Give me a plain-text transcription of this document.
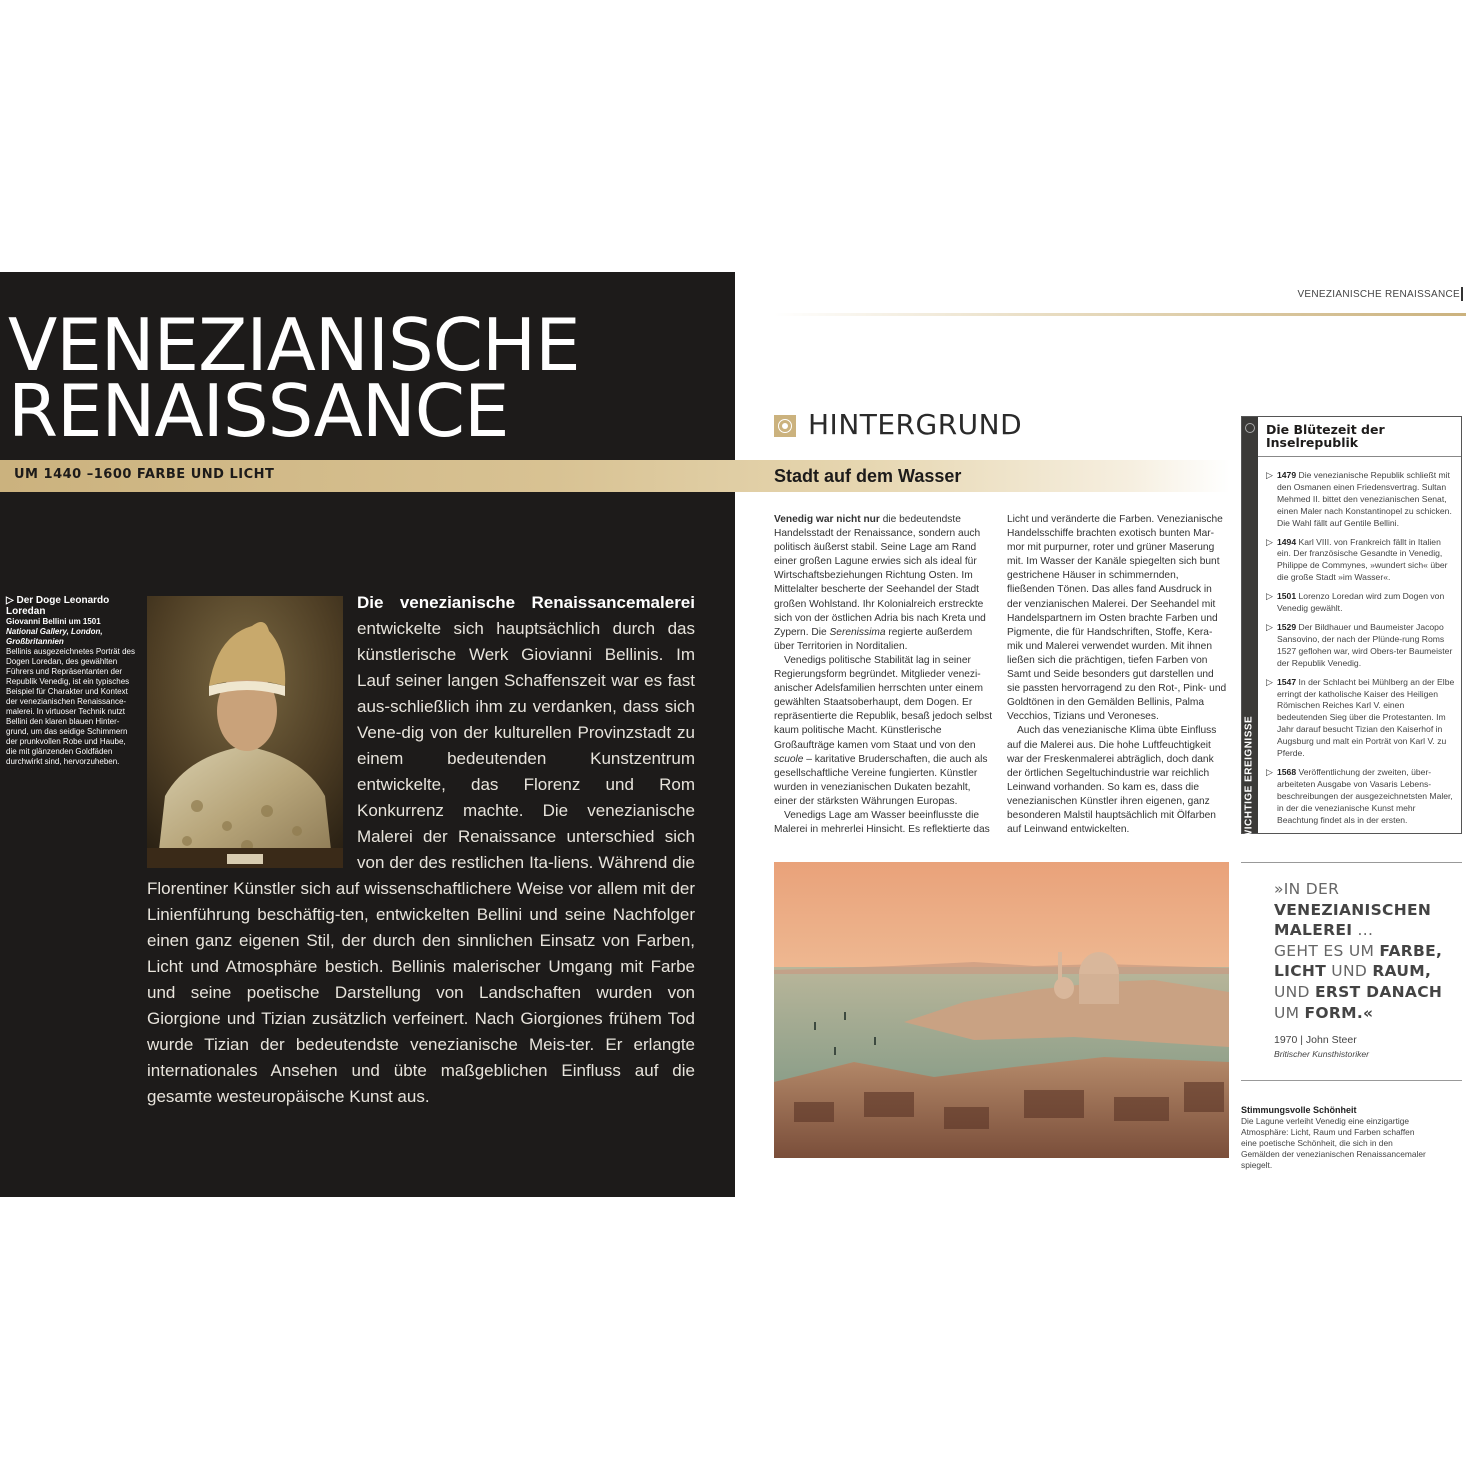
VENEZIANISCHE
RENAISSANCE
UM 1440 –1600 FARBE UND LICHT	Stadt auf dem Wasser
▷ Der Doge Leonardo Loredan
Giovanni Bellini um 1501
National Gallery, London, Großbritannien
Bellinis ausgezeichnetes Porträt des Dogen Loredan, des gewählten Führers und Repräsentanten der Republik Venedig, ist ein typisches Beispiel für Charakter und Kontext der venezianischen Renaissance-malerei. In virtuoser Technik nutzt Bellini den klaren blauen Hinter-grund, um das seidige Schimmern der prunkvollen Robe und Haube, die mit glänzenden Goldfäden durchwirkt sind, hervorzuheben.
Die venezianische Renaissancemalerei entwickelte sich hauptsächlich durch das künstlerische Werk Giovianni Bellinis. Im Lauf seiner langen Schaffenszeit war es fast aus-schließlich ihm zu verdanken, dass sich Vene-dig von der kulturellen Provinzstadt zu einem bedeutenden Kunstzentrum entwickelte, das Florenz und Rom Konkurrenz machte. Die venezianische Malerei der Renaissance unterschied sich von der des restlichen Ita-liens. Während die Florentiner Künstler sich auf wissenschaftlichere Weise vor allem mit der Linienführung beschäftig-ten, entwickelten Bellini und seine Nachfolger einen ganz eigenen Stil, der durch den sinnlichen Einsatz von Farben, Licht und Atmosphäre bestich. Bellinis malerischer Umgang mit Farbe und seine poetische Darstellung von Landschaften wurden von Giorgione und Tizian zusätzlich verfeinert. Nach Giorgiones frühem Tod wurde Tizian der bedeutendste venezianische Meis-ter. Er erlangte internationales Ansehen und übte maßgeblichen Einfluss auf die gesamte westeuropäische Kunst aus.
VENEZIANISCHE RENAISSANCE
HINTERGRUND

Venedig war nicht nur die bedeutendste Handelsstadt der Renaissance, sondern auch politisch äußerst stabil. Seine Lage am Rand einer großen Lagune erwies sich als ideal für Wirtschaftsbeziehungen Richtung Osten. Im Mittelalter bescherte der Seehandel der Stadt großen Wohlstand. Ihr Kolonialreich erstreckte sich von der östlichen Adria bis nach Kreta und Zypern. Die Serenissima regierte außerdem über Territorien in Norditalien.

Venedigs politische Stabilität lag in seiner Regierungsform begründet. Mitglieder venezi-anischer Adelsfamilien herrschten unter einem gewählten Staatsoberhaupt, dem Dogen. Er repräsentierte die Republik, besaß jedoch selbst kaum politische Macht. Künstlerische Großaufträge kamen vom Staat und von den scuole – karitative Bruderschaften, die auch als gesellschaftliche Vereine fungierten. Künstler wurden in venezianischen Dukaten bezahlt, einer der stärksten Währungen Europas.

Venedigs Lage am Wasser beeinflusste die Malerei in mehrerlei Hinsicht. Es reflektierte das

Licht und veränderte die Farben. Venezianische Handelsschiffe brachten exotisch bunten Mar-mor mit purpurner, roter und grüner Maserung mit. Im Wasser der Kanäle spiegelten sich bunt gestrichene Häuser in schimmernden, fließenden Tönen. Das alles fand Ausdruck in der venzianischen Malerei. Der Seehandel mit Handelspartnern im Osten brachte Farben und Pigmente, die für Handschriften, Stoffe, Kera-mik und Malerei verwendet wurden. Mit ihnen ließen sich die prächtigen, tiefen Farben von Samt und Seide besonders gut darstellen und sie passten hervorragend zu den Rot-, Pink- und Goldtönen in den Gemälden Bellinis, Palma Vecchios, Tizians und Veroneses.

Auch das venezianische Klima übte Einfluss auf die Malerei aus. Die hohe Luftfeuchtigkeit war der Freskenmalerei abträglich, doch dank der örtlichen Segeltuchindustrie war reichlich Leinwand vorhanden. So kam es, dass die venezianischen Künstler ihren eigenen, ganz besonderen Malstil hauptsächlich mit Ölfarben auf Leinwand entwickelten.	WICHTIGE EREIGNISSE
Die Blütezeit der Inselrepublik
▷ 1479 Die venezianische Republik schließt mit den Osmanen einen Friedensvertrag. Sultan Mehmed II. bittet den venezianischen Senat, einen Maler nach Konstantinopel zu schicken. Die Wahl fällt auf Gentile Bellini.
▷ 1494 Karl VIII. von Frankreich fällt in Italien ein. Der französische Gesandte in Venedig, Philippe de Commynes, »wundert sich« über die große Stadt »im Wasser«.
▷ 1501 Lorenzo Loredan wird zum Dogen von Venedig gewählt.
▷ 1529 Der Bildhauer und Baumeister Jacopo Sansovino, der nach der Plünde-rung Roms 1527 geflohen war, wird Obers-ter Baumeister der Republik Venedig.
▷ 1547 In der Schlacht bei Mühlberg an der Elbe erringt der katholische Kaiser des Heiligen Römischen Reiches Karl V. einen bedeutenden Sieg über die Protestanten. Im Jahr darauf besucht Tizian den Kaiserhof in Augsburg und malt ein Porträt von Karl V. zu Pferde.
▷ 1568 Veröffentlichung der zweiten, über-arbeiteten Ausgabe von Vasaris Lebens-beschreibungen der ausgezeichnetsten Maler, in der die venezianische Kunst mehr Beachtung findet als in der ersten.
»IN DER
VENEZIANISCHEN
MALEREI ...
GEHT ES UM FARBE,
LICHT UND RAUM,
UND ERST DANACH
UM FORM.«
1970 | John Steer
Britischer Kunsthistoriker
Stimmungsvolle Schönheit
Die Lagune verleiht Venedig eine einzigartige Atmosphäre: Licht, Raum und Farben schaffen eine poetische Schönheit, die sich in den Gemälden der venezianischen Renaissancemaler spiegelt.
